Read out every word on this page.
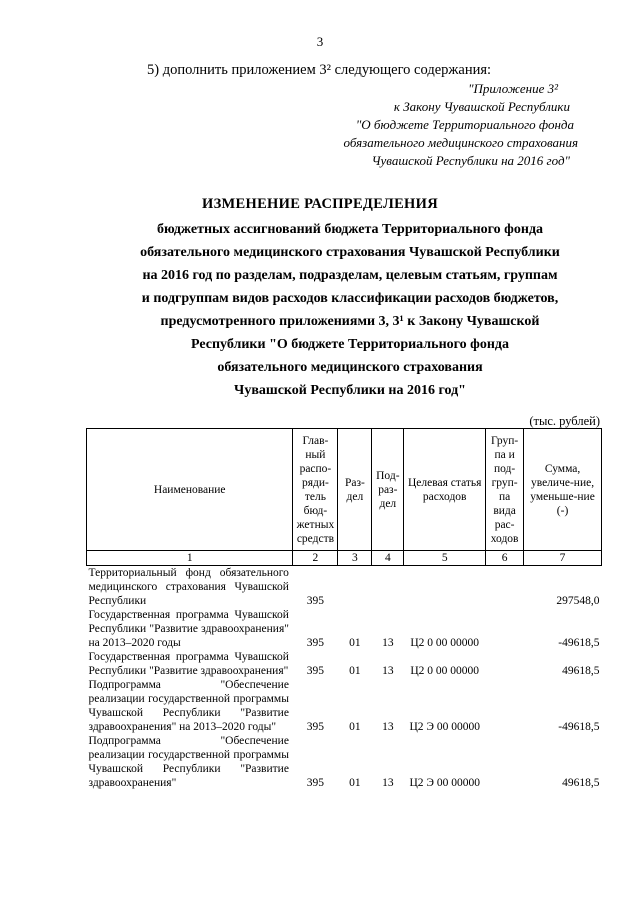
3
5) дополнить приложением 3² следующего содержания:
"Приложение 3²
к Закону Чувашской Республики
"О бюджете Территориального фонда
обязательного медицинского страхования
Чувашской Республики на 2016 год"
ИЗМЕНЕНИЕ РАСПРЕДЕЛЕНИЯ
бюджетных ассигнований бюджета Территориального фонда
обязательного медицинского страхования Чувашской Республики
на 2016 год по разделам, подразделам, целевым статьям, группам
и подгруппам видов расходов классификации расходов бюджетов,
предусмотренного приложениями 3, 3¹ к Закону Чувашской
Республики "О бюджете Территориального фонда
обязательного медицинского страхования
Чувашской Республики на 2016 год"
(тыс. рублей)
Наименование	Глав-ный распо-ряди-тель бюд-жетных средств	Раз-дел	Под-раз-дел	Целевая статья расходов	Груп-па и под-груп-па вида рас-ходов	Сумма, увеличе-ние, уменьше-ние (-)
1	2	3	4	5	6	7
Территориальный фонд обязательного медицинского страхования Чувашской Республики	395					297548,0
Государственная программа Чувашской Республики "Развитие здравоохранения" на 2013–2020 годы	395	01	13	Ц2 0 00 00000		-49618,5
Государственная программа Чувашской Республики "Развитие здравоохранения"	395	01	13	Ц2 0 00 00000		49618,5
Подпрограмма "Обеспечение реализации государственной программы Чувашской Республики "Развитие здравоохранения" на 2013–2020 годы"	395	01	13	Ц2 Э 00 00000		-49618,5
Подпрограмма "Обеспечение реализации государственной программы Чувашской Республики "Развитие здравоохранения"	395	01	13	Ц2 Э 00 00000		49618,5
